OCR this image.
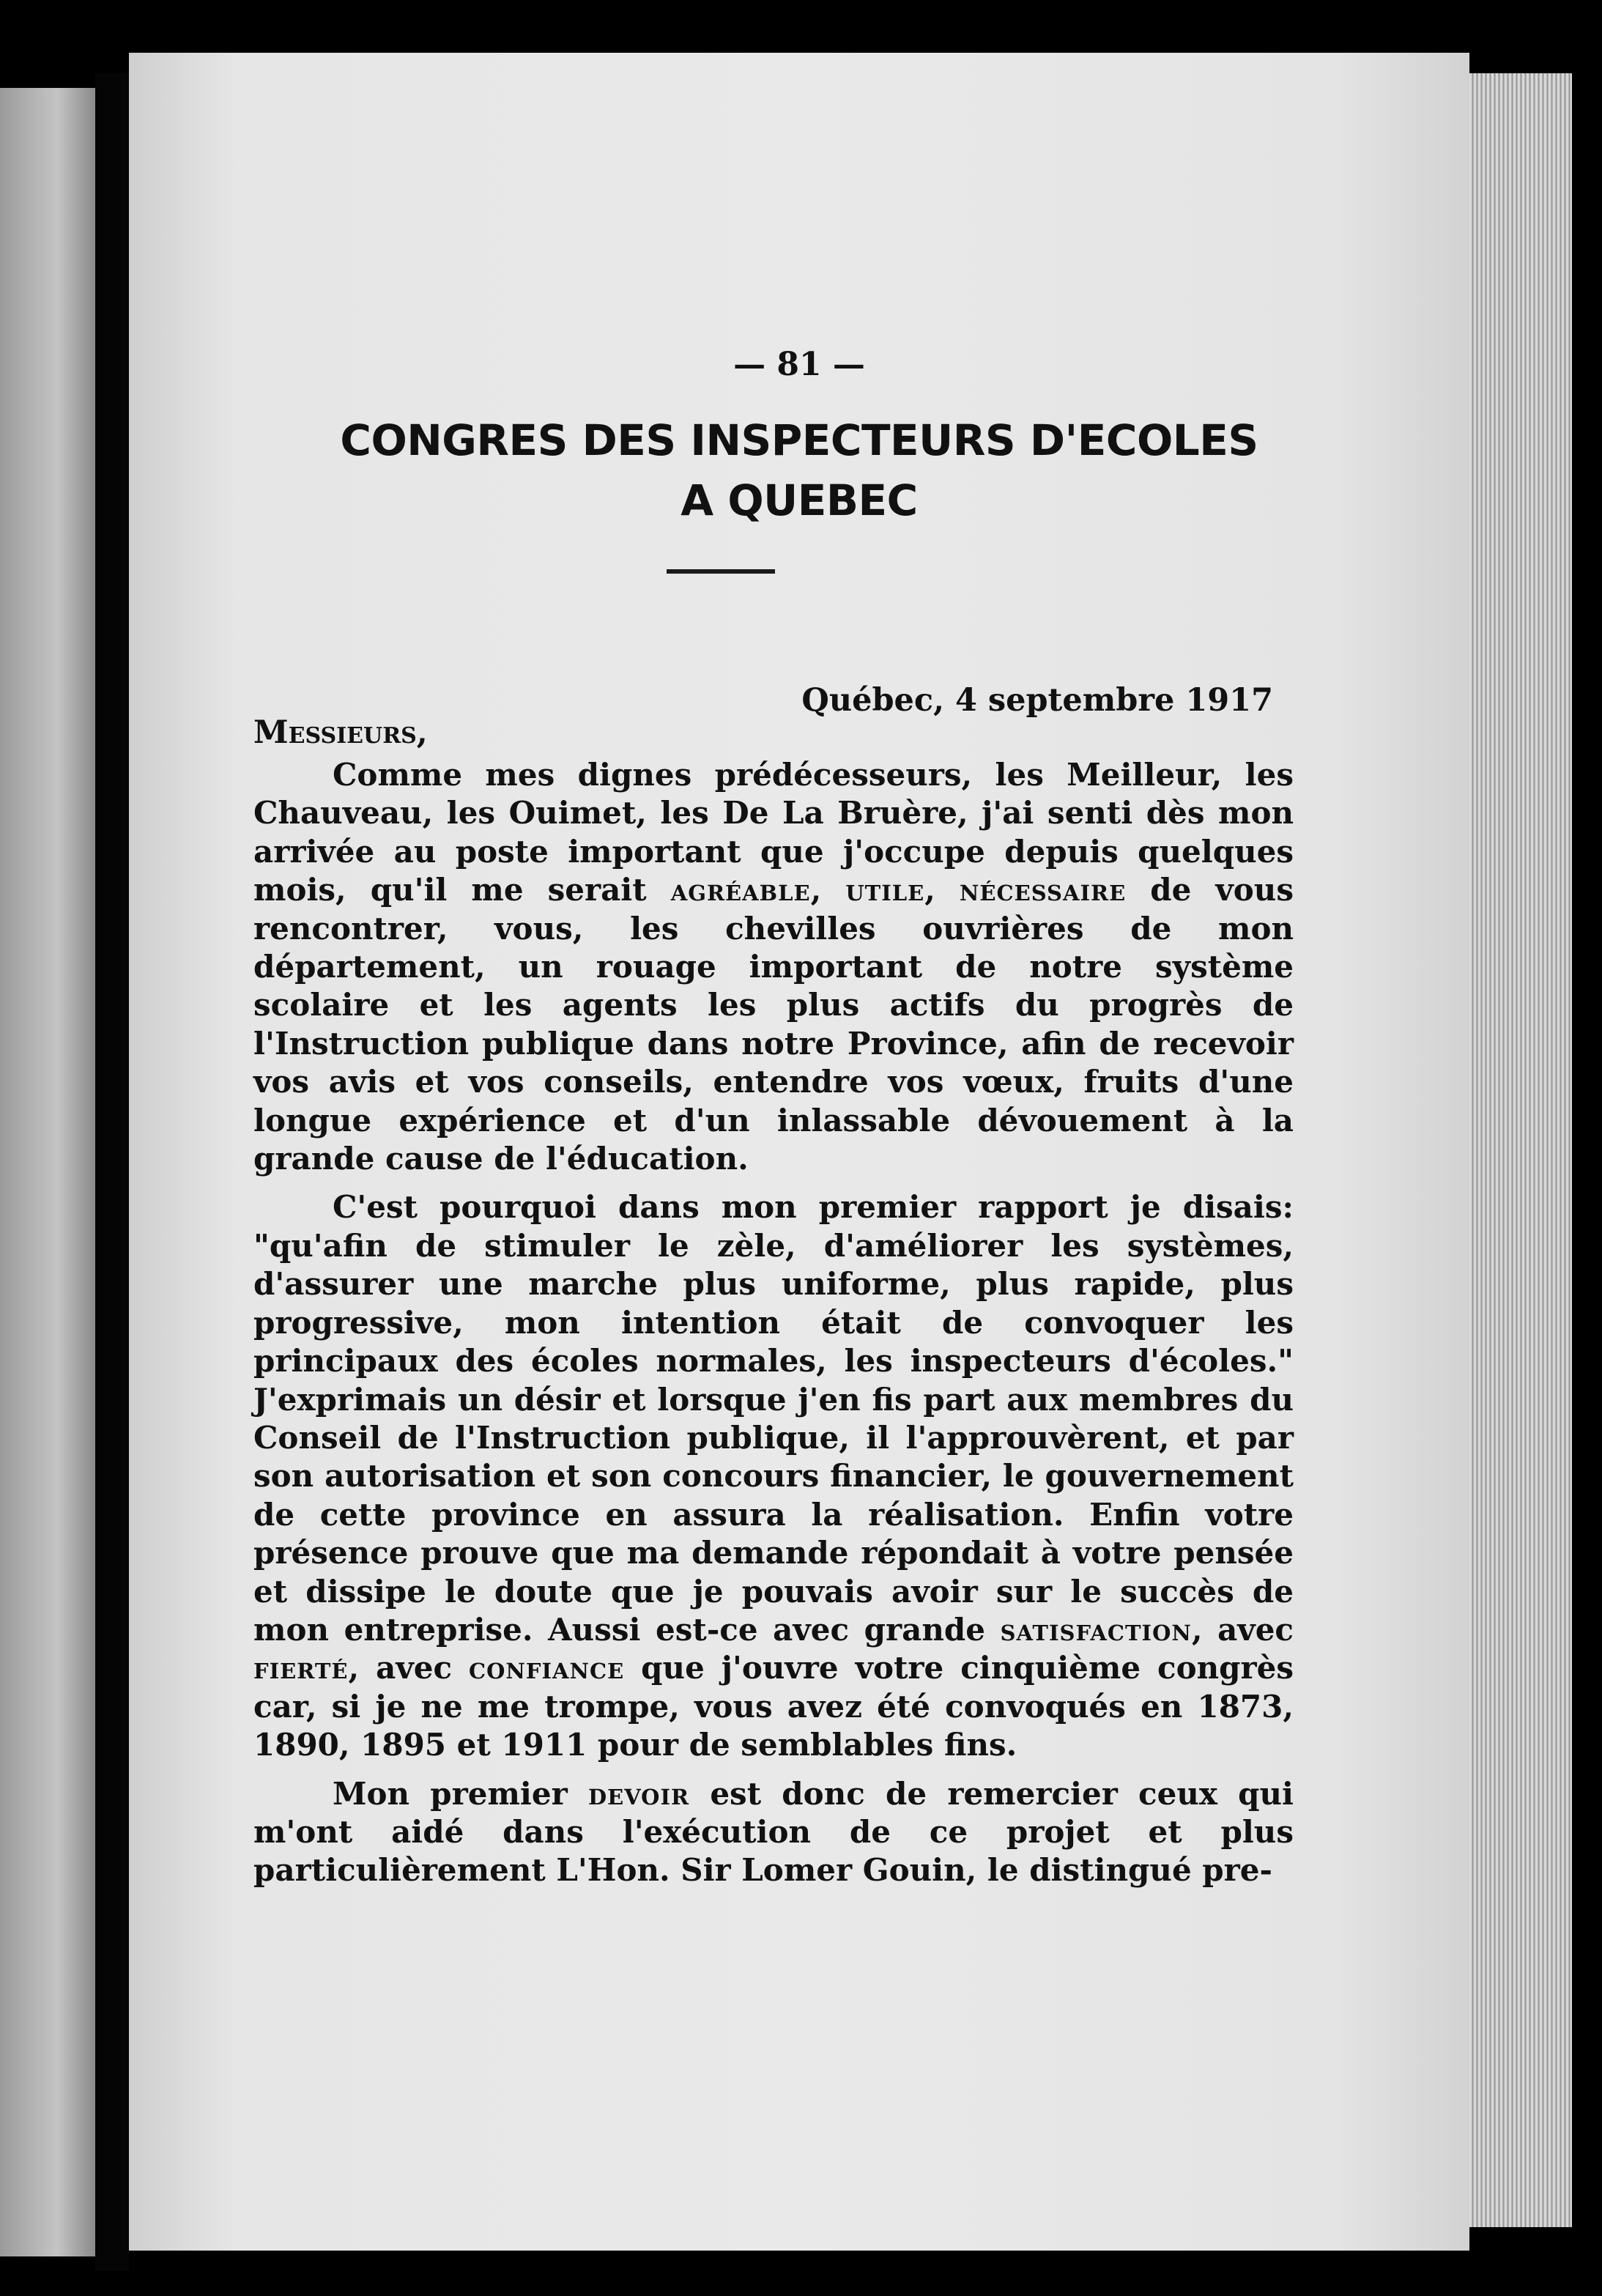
— 81 —
CONGRES DES INSPECTEURS D'ECOLES
A QUEBEC
Québec, 4 septembre 1917
Messieurs,

Comme mes dignes prédécesseurs, les Meilleur, les Chauveau, les Ouimet, les De La Bruère, j'ai senti dès mon arrivée au poste important que j'occupe depuis quelques mois, qu'il me serait agréable, utile, nécessaire de vous rencontrer, vous, les chevilles ouvrières de mon département, un rouage important de notre système scolaire et les agents les plus actifs du progrès de l'Instruction publique dans notre Province, afin de recevoir vos avis et vos conseils, entendre vos vœux, fruits d'une longue expérience et d'un inlassable dévouement à la grande cause de l'éducation.

C'est pourquoi dans mon premier rapport je disais: "qu'afin de stimuler le zèle, d'améliorer les systèmes, d'assurer une marche plus uniforme, plus rapide, plus progressive, mon intention était de convoquer les principaux des écoles normales, les inspecteurs d'écoles." J'exprimais un désir et lorsque j'en fis part aux membres du Conseil de l'Instruction publique, il l'approuvèrent, et par son autorisation et son concours financier, le gouvernement de cette province en assura la réalisation. Enfin votre présence prouve que ma demande répondait à votre pensée et dissipe le doute que je pouvais avoir sur le succès de mon entreprise. Aussi est-ce avec grande satisfaction, avec fierté, avec confiance que j'ouvre votre cinquième congrès car, si je ne me trompe, vous avez été convoqués en 1873, 1890, 1895 et 1911 pour de semblables fins.

Mon premier devoir est donc de remercier ceux qui m'ont aidé dans l'exécution de ce projet et plus particulièrement L'Hon. Sir Lomer Gouin, le distingué pre-
